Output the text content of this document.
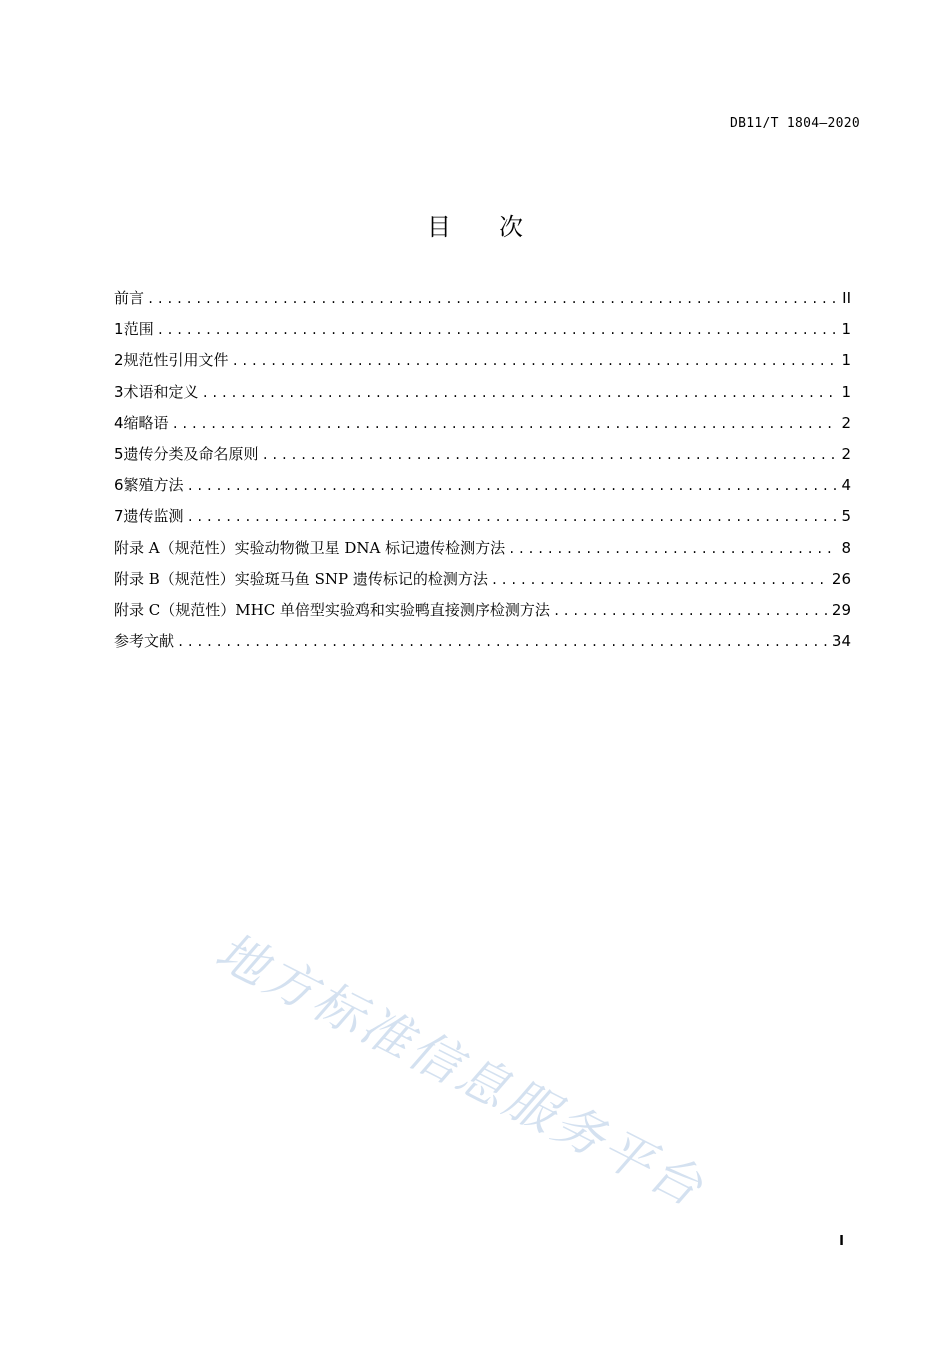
DB11/T 1804—2020
目次
前言 .....	II
1 范围 .....	1
2 规范性引用文件 .....	1
3 术语和定义 .....	1
4 缩略语 .....	2
5 遗传分类及命名原则 .....	2
6 繁殖方法 .....	4
7 遗传监测 .....	5
附录 A（规范性） 实验动物微卫星 DNA 标记遗传检测方法 .....	8
附录 B（规范性） 实验斑马鱼 SNP 遗传标记的检测方法 .....	26
附录 C（规范性） MHC 单倍型实验鸡和实验鸭直接测序检测方法 .....	29
参考文献 .....	34
地方标准信息服务平台
I
